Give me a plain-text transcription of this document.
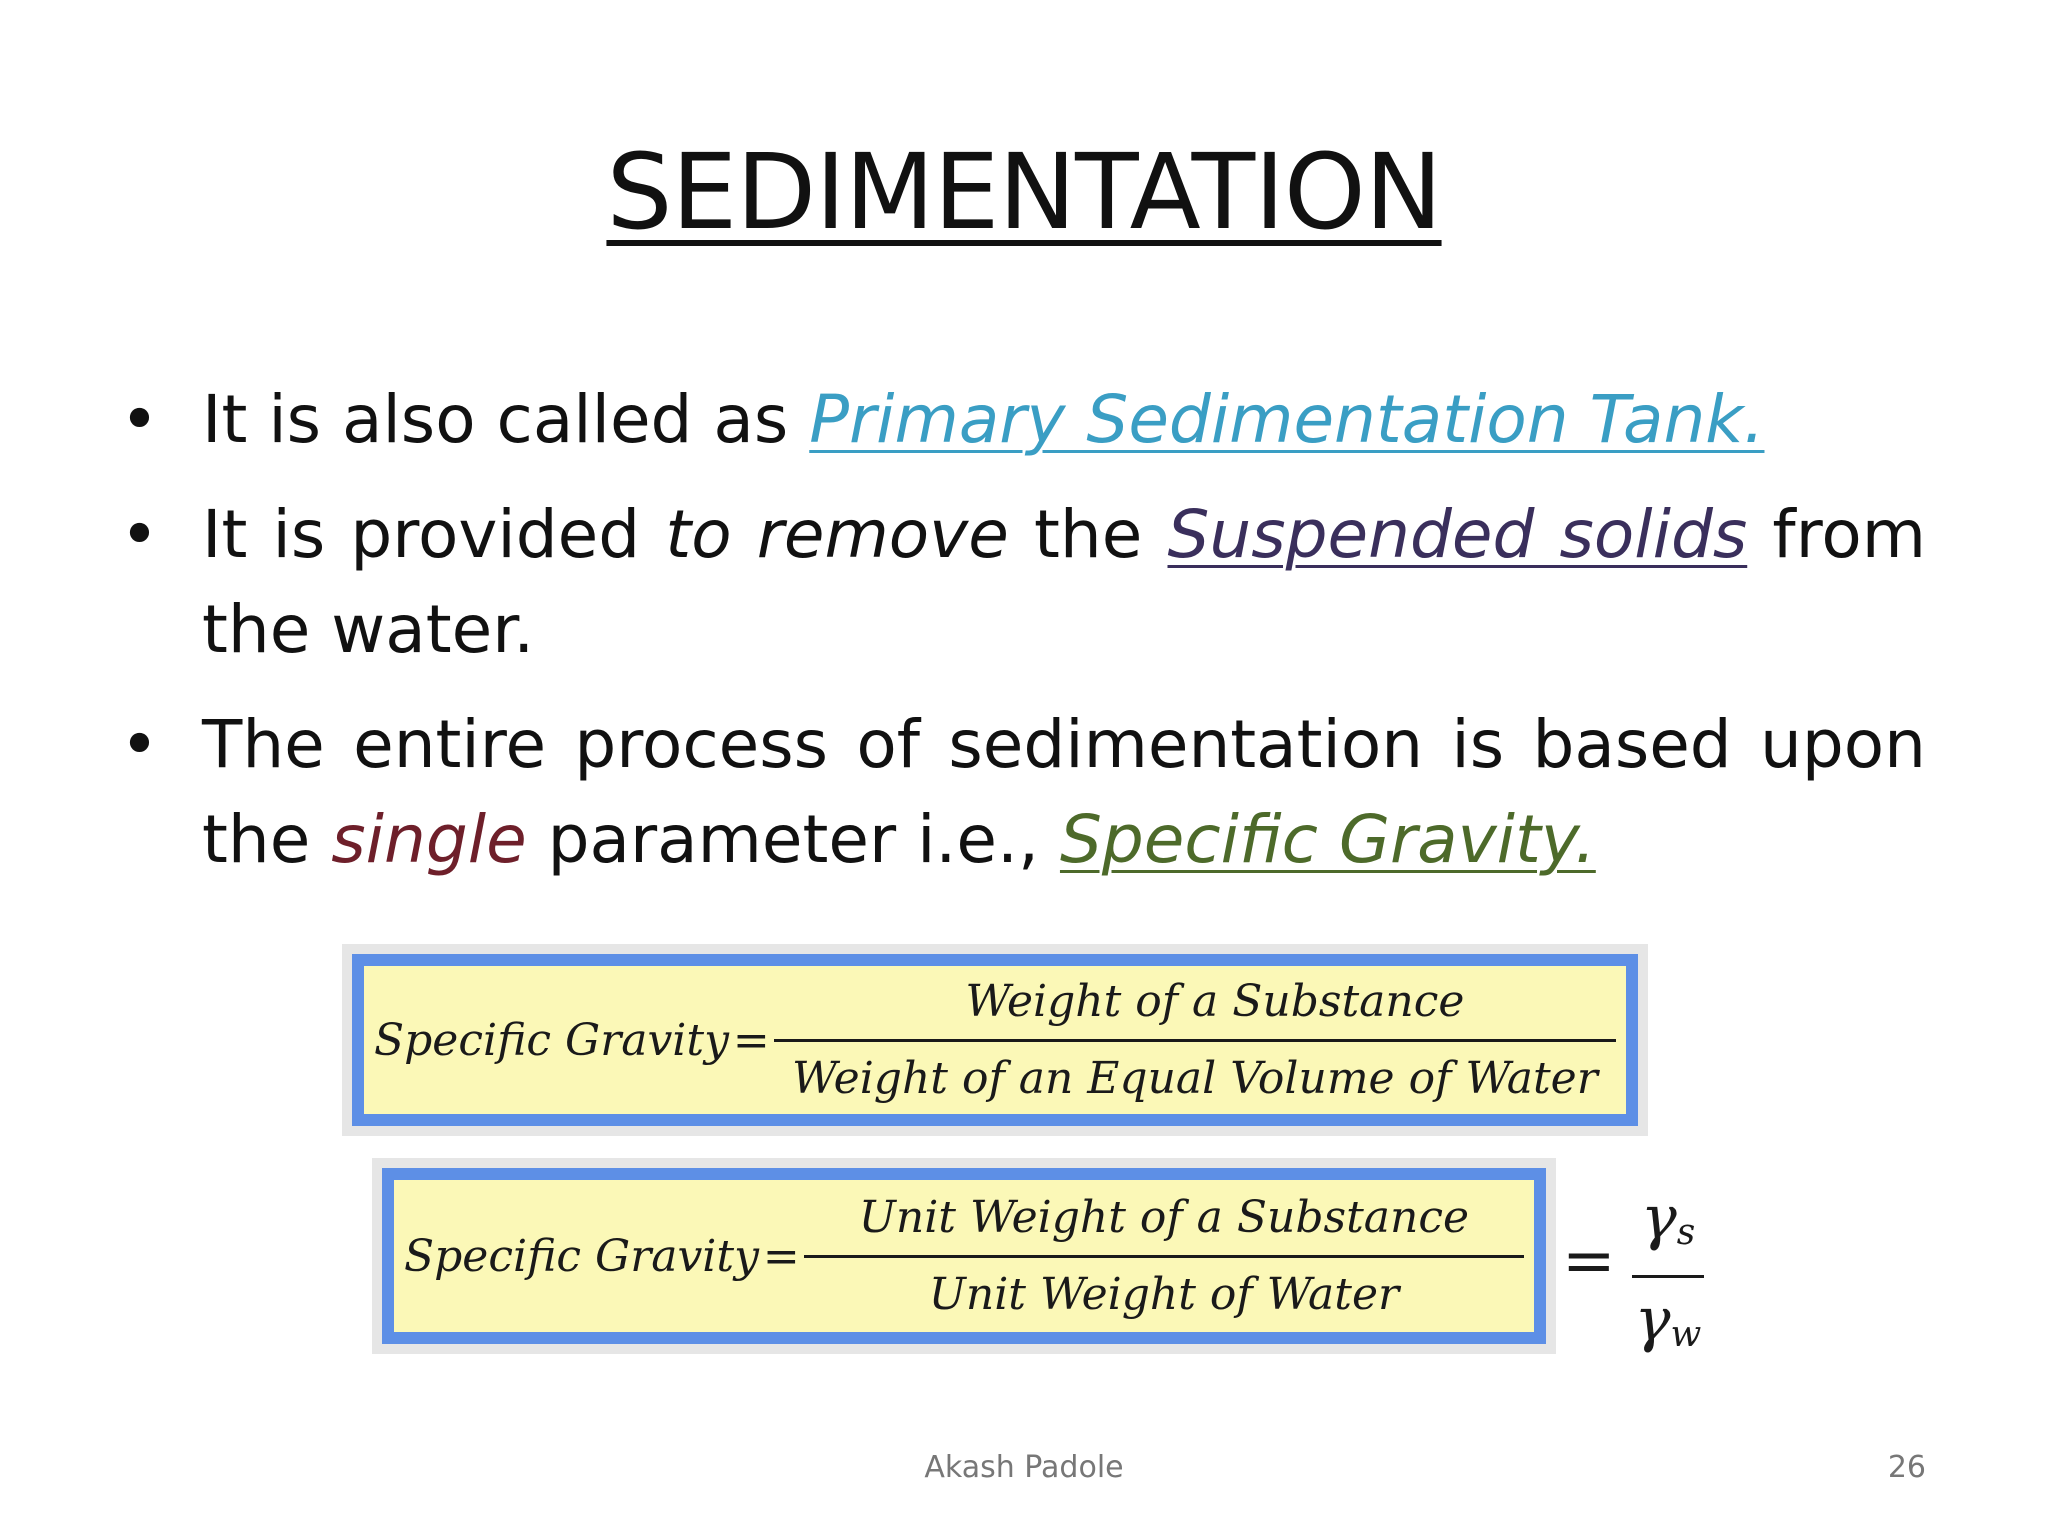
SEDIMENTATION
• It is also called as Primary Sedimentation Tank.
• It is provided to remove the Suspended solids from the water.
• The entire process of sedimentation is based upon the single parameter i.e., Specific Gravity.
Specific Gravity = $\frac{\text{Weight of a Substance}}{\text{Weight of an Equal Volume of Water}}$
Specific Gravity = $\frac{\text{Unit Weight of a Substance}}{\text{Unit Weight of Water}}$ =
$\gamma_s$
$\gamma_w$
Akash Padole	26
